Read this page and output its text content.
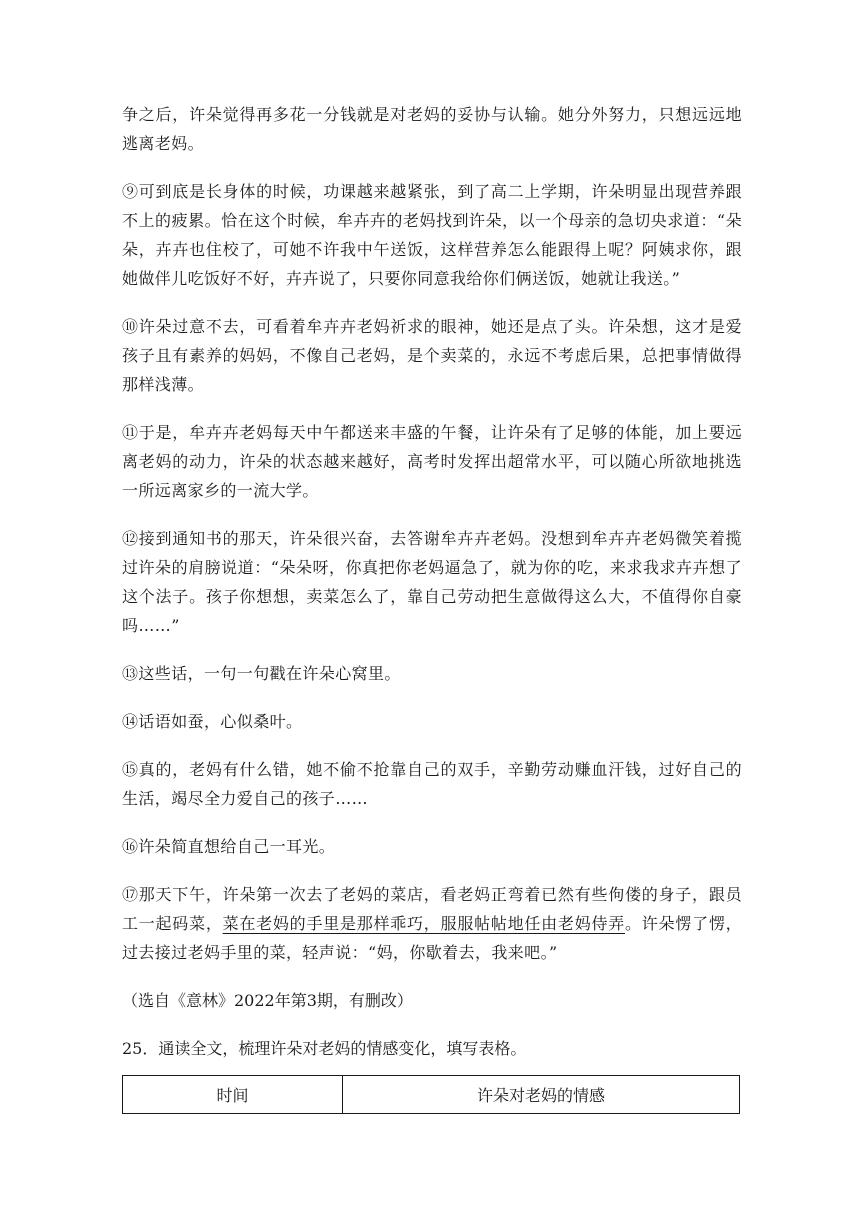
争之后，许朵觉得再多花一分钱就是对老妈的妥协与认输。她分外努力，只想远远地逃离老妈。

⑨可到底是长身体的时候，功课越来越紧张，到了高二上学期，许朵明显出现营养跟不上的疲累。恰在这个时候，牟卉卉的老妈找到许朵，以一个母亲的急切央求道：“朵朵，卉卉也住校了，可她不许我中午送饭，这样营养怎么能跟得上呢？阿姨求你，跟她做伴儿吃饭好不好，卉卉说了，只要你同意我给你们俩送饭，她就让我送。”

⑩许朵过意不去，可看着牟卉卉老妈祈求的眼神，她还是点了头。许朵想，这才是爱孩子且有素养的妈妈，不像自己老妈，是个卖菜的，永远不考虑后果，总把事情做得那样浅薄。

⑪于是，牟卉卉老妈每天中午都送来丰盛的午餐，让许朵有了足够的体能，加上要远离老妈的动力，许朵的状态越来越好，高考时发挥出超常水平，可以随心所欲地挑选一所远离家乡的一流大学。

⑫接到通知书的那天，许朵很兴奋，去答谢牟卉卉老妈。没想到牟卉卉老妈微笑着揽过许朵的肩膀说道：“朵朵呀，你真把你老妈逼急了，就为你的吃，来求我求卉卉想了这个法子。孩子你想想，卖菜怎么了，靠自己劳动把生意做得这么大，不值得你自豪吗……”

⑬这些话，一句一句戳在许朵心窝里。

⑭话语如蚕，心似桑叶。

⑮真的，老妈有什么错，她不偷不抢靠自己的双手，辛勤劳动赚血汗钱，过好自己的生活，竭尽全力爱自己的孩子……

⑯许朵简直想给自己一耳光。

⑰那天下午，许朵第一次去了老妈的菜店，看老妈正弯着已然有些佝偻的身子，跟员工一起码菜，菜在老妈的手里是那样乖巧，服服帖帖地任由老妈侍弄。许朵愣了愣，过去接过老妈手里的菜，轻声说：“妈，你歇着去，我来吧。”

（选自《意林》2022年第3期，有删改）

25．通读全文，梳理许朵对老妈的情感变化，填写表格。

时间	许朵对老妈的情感
